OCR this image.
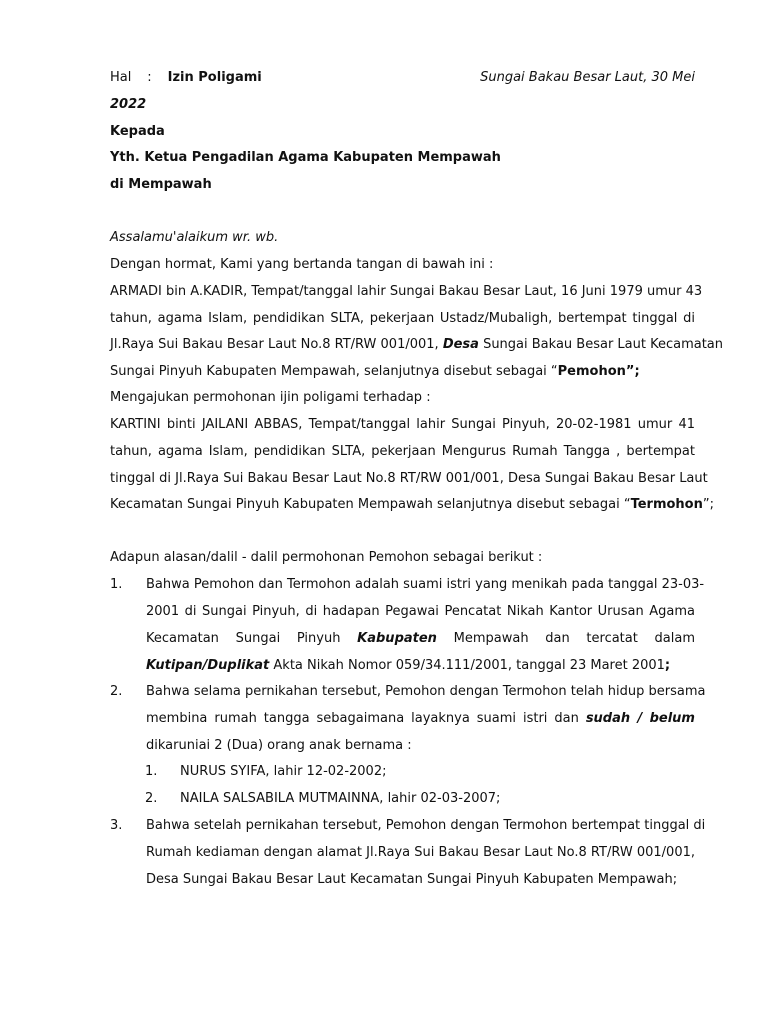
Hal : Izin Poligami	Sungai Bakau Besar Laut, 30 Mei
2022
Kepada
Yth. Ketua Pengadilan Agama Kabupaten Mempawah
di Mempawah
Assalamu'alaikum wr. wb.
Dengan hormat, Kami yang bertanda tangan di bawah ini :
ARMADI bin A.KADIR, Tempat/tanggal lahir Sungai Bakau Besar Laut, 16 Juni 1979 umur 43
tahun, agama Islam, pendidikan SLTA, pekerjaan Ustadz/Mubaligh, bertempat tinggal di
Jl.Raya Sui Bakau Besar Laut No.8 RT/RW 001/001, Desa Sungai Bakau Besar Laut Kecamatan
Sungai Pinyuh Kabupaten Mempawah, selanjutnya disebut sebagai “Pemohon”;
Mengajukan permohonan ijin poligami terhadap :
KARTINI binti JAILANI ABBAS, Tempat/tanggal lahir Sungai Pinyuh, 20-02-1981 umur 41
tahun, agama Islam, pendidikan SLTA, pekerjaan Mengurus Rumah Tangga , bertempat
tinggal di Jl.Raya Sui Bakau Besar Laut No.8 RT/RW 001/001, Desa Sungai Bakau Besar Laut
Kecamatan Sungai Pinyuh Kabupaten Mempawah selanjutnya disebut sebagai “Termohon”;
Adapun alasan/dalil - dalil permohonan Pemohon sebagai berikut :
1. Bahwa Pemohon dan Termohon adalah suami istri yang menikah pada tanggal 23-03-
2001 di Sungai Pinyuh, di hadapan Pegawai Pencatat Nikah Kantor Urusan Agama
Kecamatan Sungai Pinyuh Kabupaten Mempawah dan tercatat dalam
Kutipan/Duplikat Akta Nikah Nomor 059/34.111/2001, tanggal 23 Maret 2001;
2. Bahwa selama pernikahan tersebut, Pemohon dengan Termohon telah hidup bersama
membina rumah tangga sebagaimana layaknya suami istri dan sudah / belum
dikaruniai 2 (Dua) orang anak bernama :
1. NURUS SYIFA, lahir 12-02-2002;
2. NAILA SALSABILA MUTMAINNA, lahir 02-03-2007;
3. Bahwa setelah pernikahan tersebut, Pemohon dengan Termohon bertempat tinggal di
Rumah kediaman dengan alamat Jl.Raya Sui Bakau Besar Laut No.8 RT/RW 001/001,
Desa Sungai Bakau Besar Laut Kecamatan Sungai Pinyuh Kabupaten Mempawah;
